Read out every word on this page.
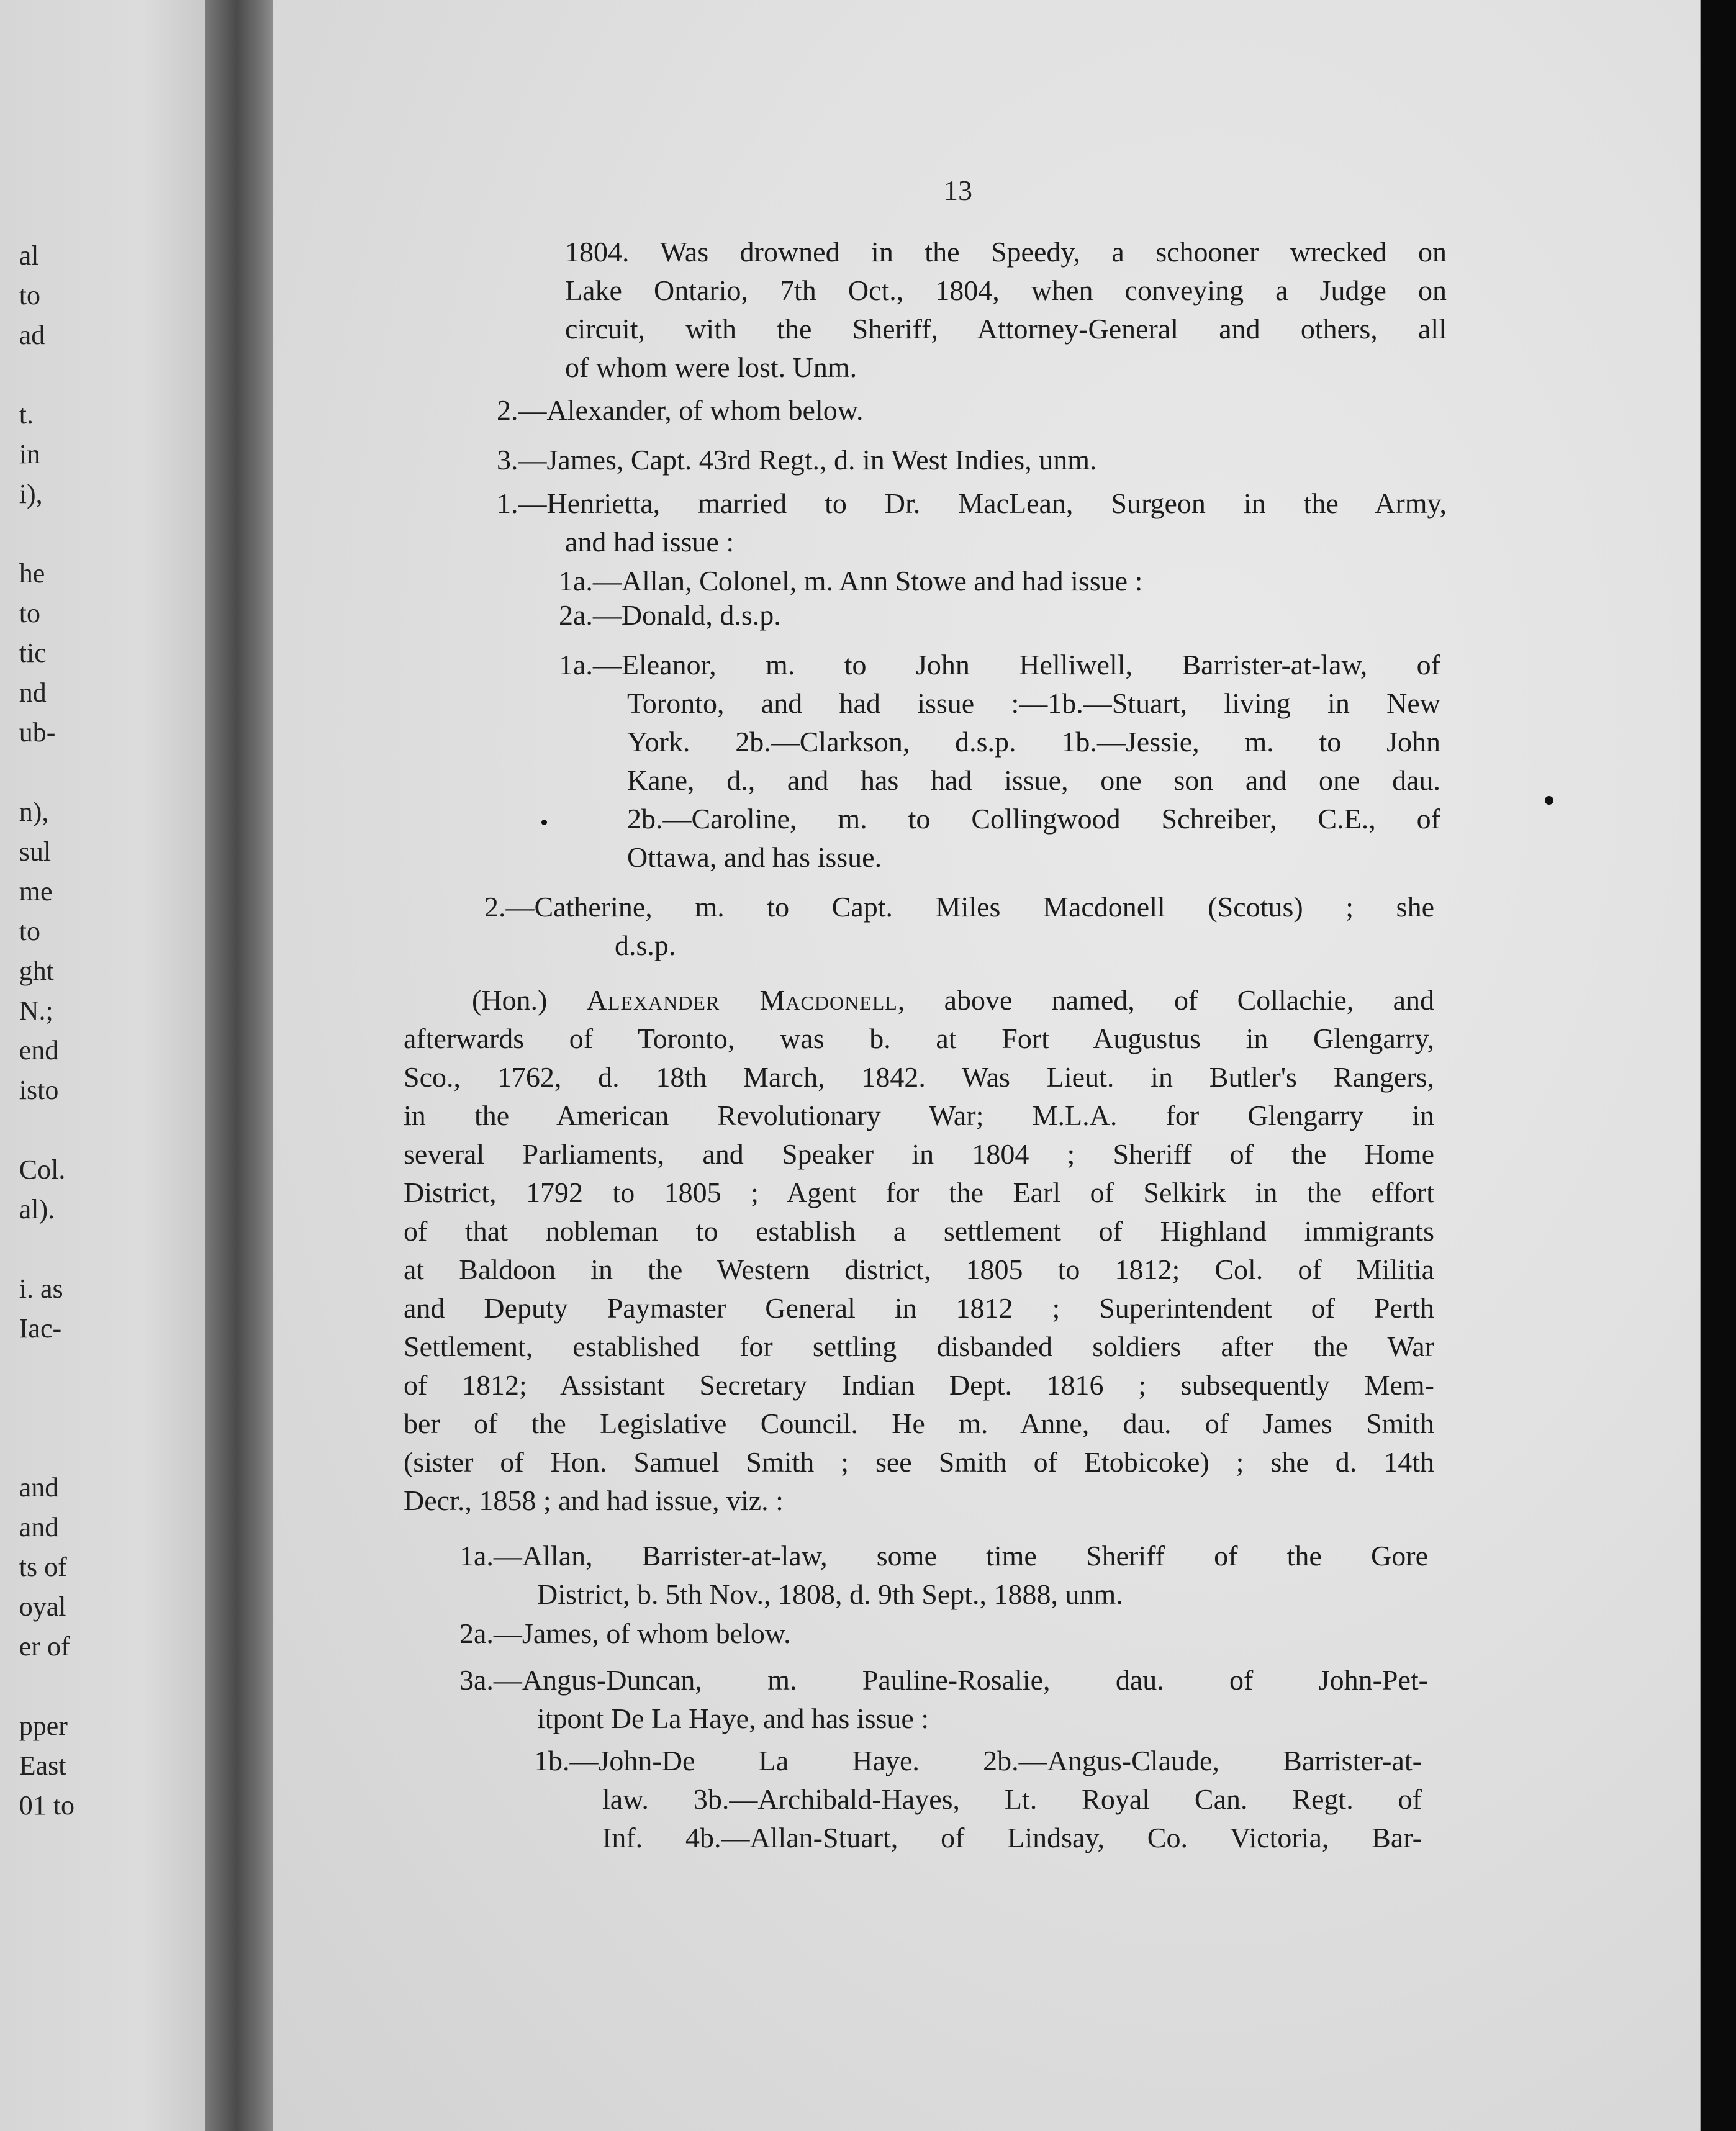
al
to
ad

t.
in
i),

he
to
tic
nd
ub-

n),
sul
me
to
ght
N.;
end
isto

Col.
al).

i. as
Iac-

and
and
ts of
oyal
er of

pper
East
01 to
13
1804. Was drowned in the Speedy, a schooner wrecked on
Lake Ontario, 7th Oct., 1804, when conveying a Judge on
circuit, with the Sheriff, Attorney-General and others, all
of whom were lost. Unm.
2.—Alexander, of whom below.
3.—James, Capt. 43rd Regt., d. in West Indies, unm.
1.—Henrietta, married to Dr. MacLean, Surgeon in the Army,
and had issue :
1a.—Allan, Colonel, m. Ann Stowe and had issue :
2a.—Donald, d.s.p.
1a.—Eleanor, m. to John Helliwell, Barrister-at-law, of
Toronto, and had issue :—1b.—Stuart, living in New
York. 2b.—Clarkson, d.s.p. 1b.—Jessie, m. to John
Kane, d., and has had issue, one son and one dau.
2b.—Caroline, m. to Collingwood Schreiber, C.E., of
Ottawa, and has issue.
2.—Catherine, m. to Capt. Miles Macdonell (Scotus) ; she
d.s.p.
(Hon.) Alexander Macdonell, above named, of Collachie, and
afterwards of Toronto, was b. at Fort Augustus in Glengarry,
Sco., 1762, d. 18th March, 1842. Was Lieut. in Butler's Rangers,
in the American Revolutionary War; M.L.A. for Glengarry in
several Parliaments, and Speaker in 1804 ; Sheriff of the Home
District, 1792 to 1805 ; Agent for the Earl of Selkirk in the effort
of that nobleman to establish a settlement of Highland immigrants
at Baldoon in the Western district, 1805 to 1812; Col. of Militia
and Deputy Paymaster General in 1812 ; Superintendent of Perth
Settlement, established for settling disbanded soldiers after the War
of 1812; Assistant Secretary Indian Dept. 1816 ; subsequently Mem-
ber of the Legislative Council. He m. Anne, dau. of James Smith
(sister of Hon. Samuel Smith ; see Smith of Etobicoke) ; she d. 14th
Decr., 1858 ; and had issue, viz. :
1a.—Allan, Barrister-at-law, some time Sheriff of the Gore
District, b. 5th Nov., 1808, d. 9th Sept., 1888, unm.
2a.—James, of whom below.
3a.—Angus-Duncan, m. Pauline-Rosalie, dau. of John-Pet-
itpont De La Haye, and has issue :
1b.—John-De La Haye. 2b.—Angus-Claude, Barrister-at-
law. 3b.—Archibald-Hayes, Lt. Royal Can. Regt. of
Inf. 4b.—Allan-Stuart, of Lindsay, Co. Victoria, Bar-
